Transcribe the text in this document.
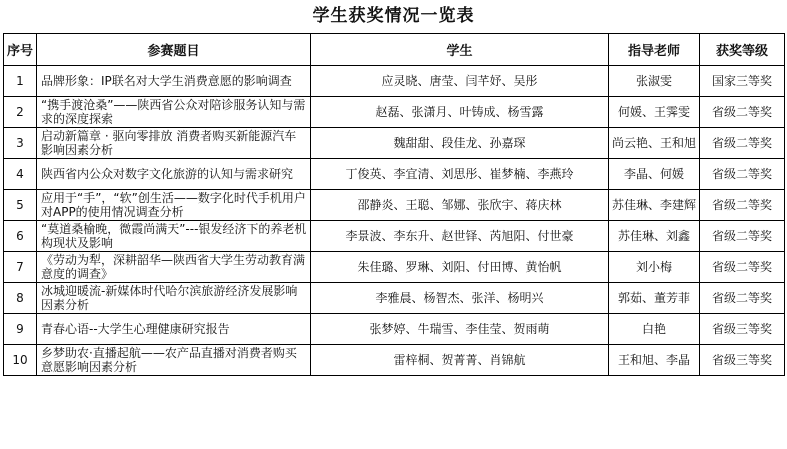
学生获奖情况一览表
序号	参赛题目	学生	指导老师	获奖等级
1	品牌形象：IP联名对大学生消费意愿的影响调查	应灵晓、唐莹、闫芊妤、吴彤	张淑雯	国家三等奖
2	“携手渡沧桑”——陕西省公众对陪诊服务认知与需求的深度探索	赵磊、张潇月、叶铸成、杨雪露	何媛、王霁雯	省级二等奖
3	启动新篇章 · 驱向零排放 消费者购买新能源汽车影响因素分析	魏甜甜、段佳龙、孙嘉琛	尚云艳、王和旭	省级二等奖
4	陕西省内公众对数字文化旅游的认知与需求研究	丁俊英、李宜清、刘思彤、崔梦楠、李燕玲	李晶、何媛	省级二等奖
5	应用于“手”，“软”创生活——数字化时代手机用户对APP的使用情况调查分析	邵静炎、王聪、邹娜、张欣宇、蒋庆林	苏佳琳、李建辉	省级二等奖
6	“莫道桑榆晚，微霞尚满天”---银发经济下的养老机构现状及影响	李景波、李东升、赵世铎、芮旭阳、付世豪	苏佳琳、刘鑫	省级二等奖
7	《劳动为犁，深耕韶华—陕西省大学生劳动教育满意度的调查》	朱佳璐、罗琳、刘阳、付田博、黄怡帆	刘小梅	省级二等奖
8	冰城迎暖流-新媒体时代哈尔滨旅游经济发展影响因素分析	李雅晨、杨智杰、张洋、杨明兴	郭茹、董芳菲	省级二等奖
9	青春心语--大学生心理健康研究报告	张梦婷、牛瑞雪、李佳莹、贺雨萌	白艳	省级三等奖
10	乡梦助农·直播起航——农产品直播对消费者购买意愿影响因素分析	雷梓桐、贺菁菁、肖锦航	王和旭、李晶	省级三等奖
